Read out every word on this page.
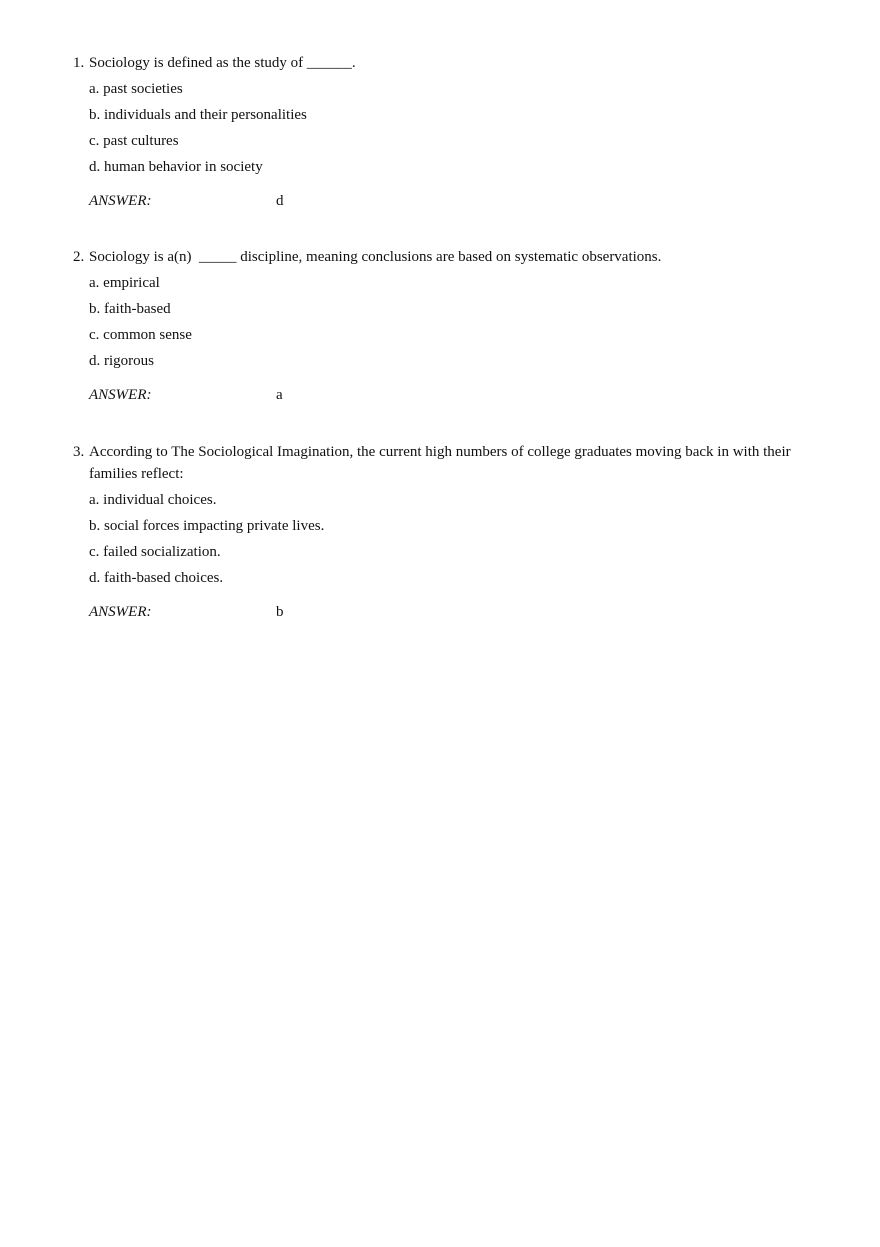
1. Sociology is defined as the study of ______.
a. past societies
b. individuals and their personalities
c. past cultures
d. human behavior in society
ANSWER:	d
2. Sociology is a(n)  _____ discipline, meaning conclusions are based on systematic observations.
a. empirical
b. faith-based
c. common sense
d. rigorous
ANSWER:	a
3. According to The Sociological Imagination, the current high numbers of college graduates moving back in with their families reflect:
a. individual choices.
b. social forces impacting private lives.
c. failed socialization.
d. faith-based choices.
ANSWER:	b
